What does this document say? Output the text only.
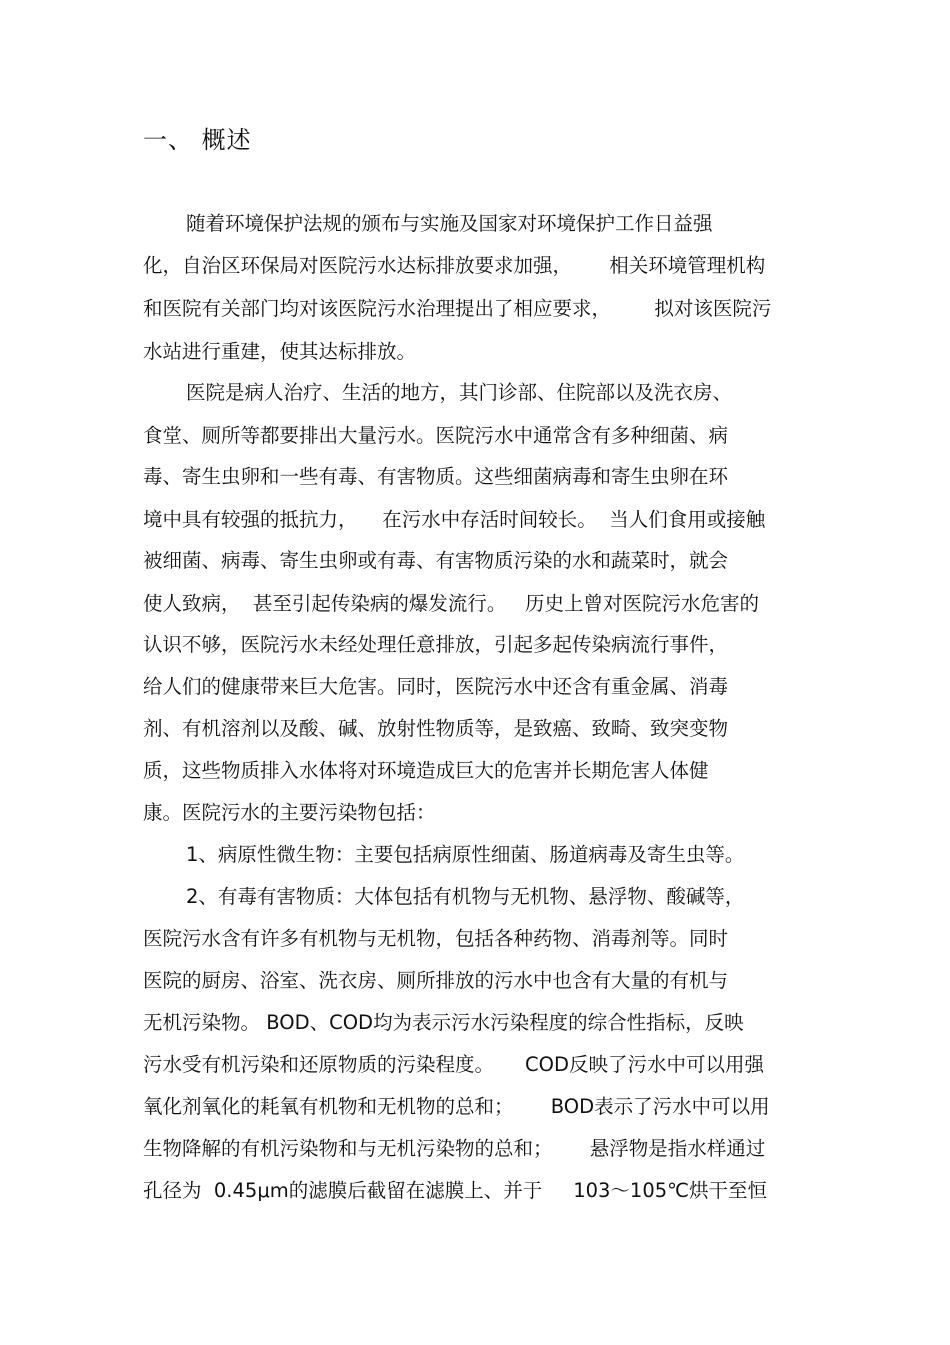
一、 概述
随着环境保护法规的颁布与实施及国家对环境保护工作日益强
化，自治区环保局对医院污水达标排放要求加强，      相关环境管理机构
和医院有关部门均对该医院污水治理提出了相应要求，       拟对该医院污
水站进行重建，使其达标排放。
医院是病人治疗、生活的地方，其门诊部、住院部以及洗衣房、
食堂、厕所等都要排出大量污水。医院污水中通常含有多种细菌、病
毒、寄生虫卵和一些有毒、有害物质。这些细菌病毒和寄生虫卵在环
境中具有较强的抵抗力，    在污水中存活时间较长。  当人们食用或接触
被细菌、病毒、寄生虫卵或有毒、有害物质污染的水和蔬菜时，就会
使人致病，  甚至引起传染病的爆发流行。   历史上曾对医院污水危害的
认识不够，医院污水未经处理任意排放，引起多起传染病流行事件，
给人们的健康带来巨大危害。同时，医院污水中还含有重金属、消毒
剂、有机溶剂以及酸、碱、放射性物质等，是致癌、致畸、致突变物
质，这些物质排入水体将对环境造成巨大的危害并长期危害人体健
康。医院污水的主要污染物包括：
1、病原性微生物：主要包括病原性细菌、肠道病毒及寄生虫等。
2、有毒有害物质：大体包括有机物与无机物、悬浮物、酸碱等，
医院污水含有许多有机物与无机物，包括各种药物、消毒剂等。同时
医院的厨房、浴室、洗衣房、厕所排放的污水中也含有大量的有机与
无机污染物。 BOD、COD均为表示污水污染程度的综合性指标，反映
污水受有机污染和还原物质的污染程度。     COD反映了污水中可以用强
氧化剂氧化的耗氧有机物和无机物的总和；      BOD表示了污水中可以用
生物降解的有机污染物和与无机污染物的总和；      悬浮物是指水样通过
孔径为  0.45μm的滤膜后截留在滤膜上、并于     103～105℃烘干至恒
